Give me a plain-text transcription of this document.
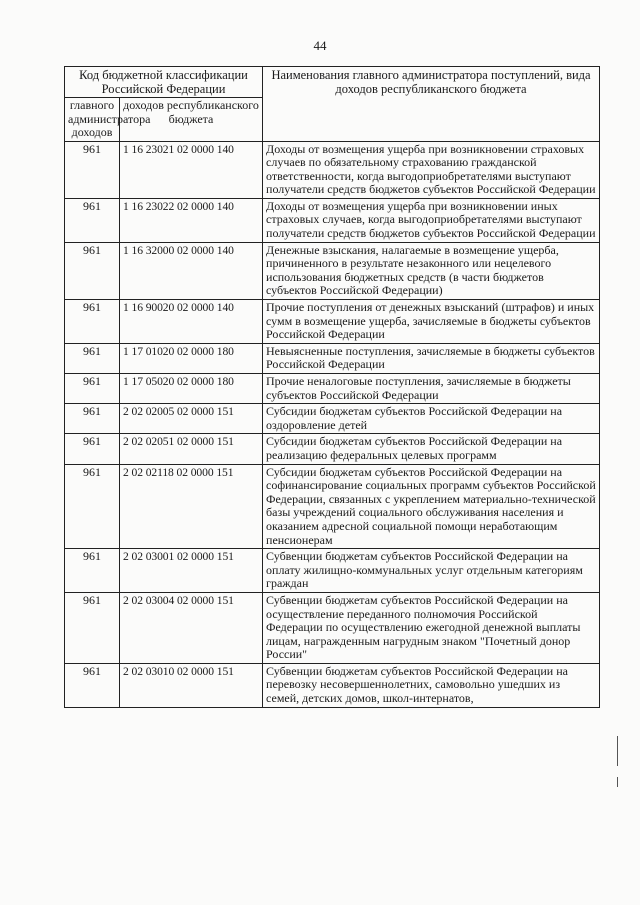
44
Код бюджетной классификации Российской Федерации		Наименования главного администратора поступлений, вида доходов республиканского бюджета
главного администратора доходов	доходов республиканского бюджета	
961	1 16 23021 02 0000 140	Доходы от возмещения ущерба при возникновении страховых случаев по обязательному страхованию гражданской ответственности, когда выгодоприобретателями выступают получатели средств бюджетов субъектов Российской Федерации
961	1 16 23022 02 0000 140	Доходы от возмещения ущерба при возникновении иных страховых случаев, когда выгодоприобретателями выступают получатели средств бюджетов субъектов Российской Федерации
961	1 16 32000 02 0000 140	Денежные взыскания, налагаемые в возмещение ущерба, причиненного в результате незаконного или нецелевого использования бюджетных средств (в части бюджетов субъектов Российской Федерации)
961	1 16 90020 02 0000 140	Прочие поступления от денежных взысканий (штрафов) и иных сумм в возмещение ущерба, зачисляемые в бюджеты субъектов Российской Федерации
961	1 17 01020 02 0000 180	Невыясненные поступления, зачисляемые в бюджеты субъектов Российской Федерации
961	1 17 05020 02 0000 180	Прочие неналоговые поступления, зачисляемые в бюджеты субъектов Российской Федерации
961	2 02 02005 02 0000 151	Субсидии бюджетам субъектов Российской Федерации на оздоровление детей
961	2 02 02051 02 0000 151	Субсидии бюджетам субъектов Российской Федерации на реализацию федеральных целевых программ
961	2 02 02118 02 0000 151	Субсидии бюджетам субъектов Российской Федерации на софинансирование социальных программ субъектов Российской Федерации, связанных с укреплением материально-технической базы учреждений социального обслуживания населения и оказанием адресной социальной помощи неработающим пенсионерам
961	2 02 03001 02 0000 151	Субвенции бюджетам субъектов Российской Федерации на оплату жилищно-коммунальных услуг отдельным категориям граждан
961	2 02 03004 02 0000 151	Субвенции бюджетам субъектов Российской Федерации на осуществление переданного полномочия Российской Федерации по осуществлению ежегодной денежной выплаты лицам, награжденным нагрудным знаком "Почетный донор России"
961	2 02 03010 02 0000 151	Субвенции бюджетам субъектов Российской Федерации на перевозку несовершеннолетних, самовольно ушедших из семей, детских домов, школ-интернатов,
